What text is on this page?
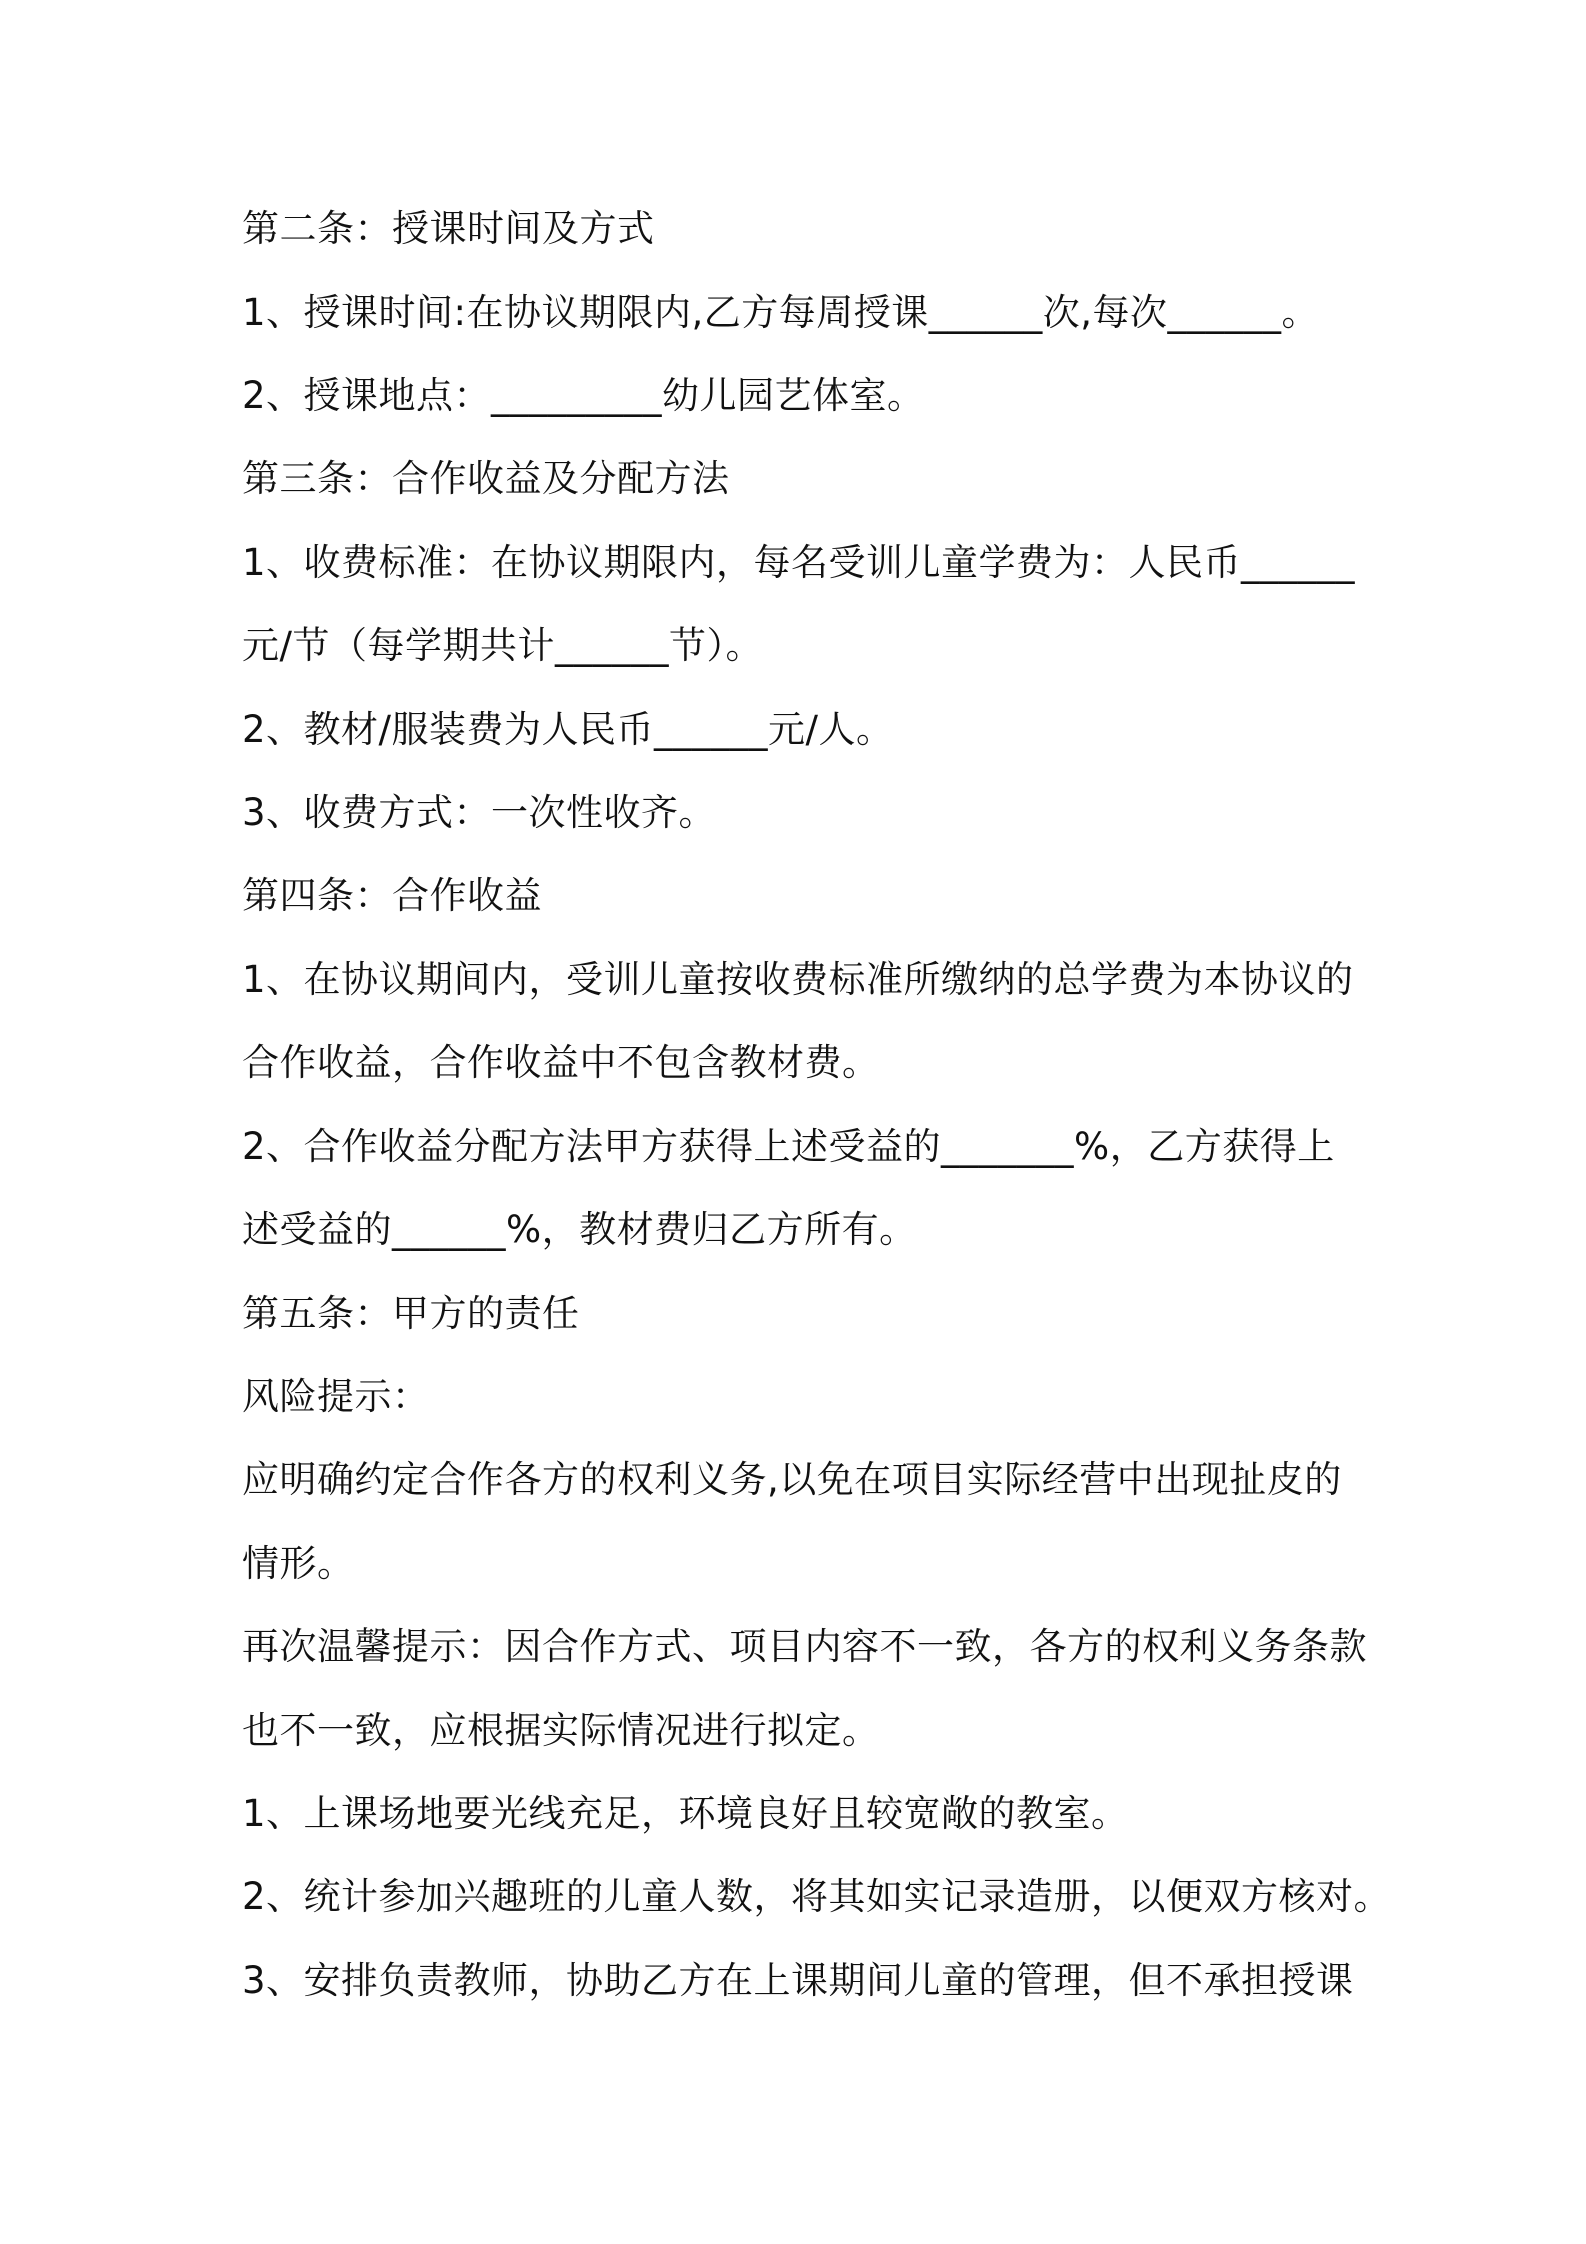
第二条：授课时间及方式
1、授课时间:在协议期限内,乙方每周授课______次,每次______。
2、授课地点：_________幼儿园艺体室。
第三条：合作收益及分配方法
1、收费标准：在协议期限内，每名受训儿童学费为：人民币______
元/节（每学期共计______节）。
2、教材/服装费为人民币______元/人。
3、收费方式：一次性收齐。
第四条：合作收益
1、在协议期间内，受训儿童按收费标准所缴纳的总学费为本协议的
合作收益，合作收益中不包含教材费。
2、合作收益分配方法甲方获得上述受益的_______%，乙方获得上
述受益的______%，教材费归乙方所有。
第五条：甲方的责任
风险提示：
应明确约定合作各方的权利义务,以免在项目实际经营中出现扯皮的
情形。
再次温馨提示：因合作方式、项目内容不一致，各方的权利义务条款
也不一致，应根据实际情况进行拟定。
1、上课场地要光线充足，环境良好且较宽敞的教室。
2、统计参加兴趣班的儿童人数，将其如实记录造册，以便双方核对。
3、安排负责教师，协助乙方在上课期间儿童的管理，但不承担授课
